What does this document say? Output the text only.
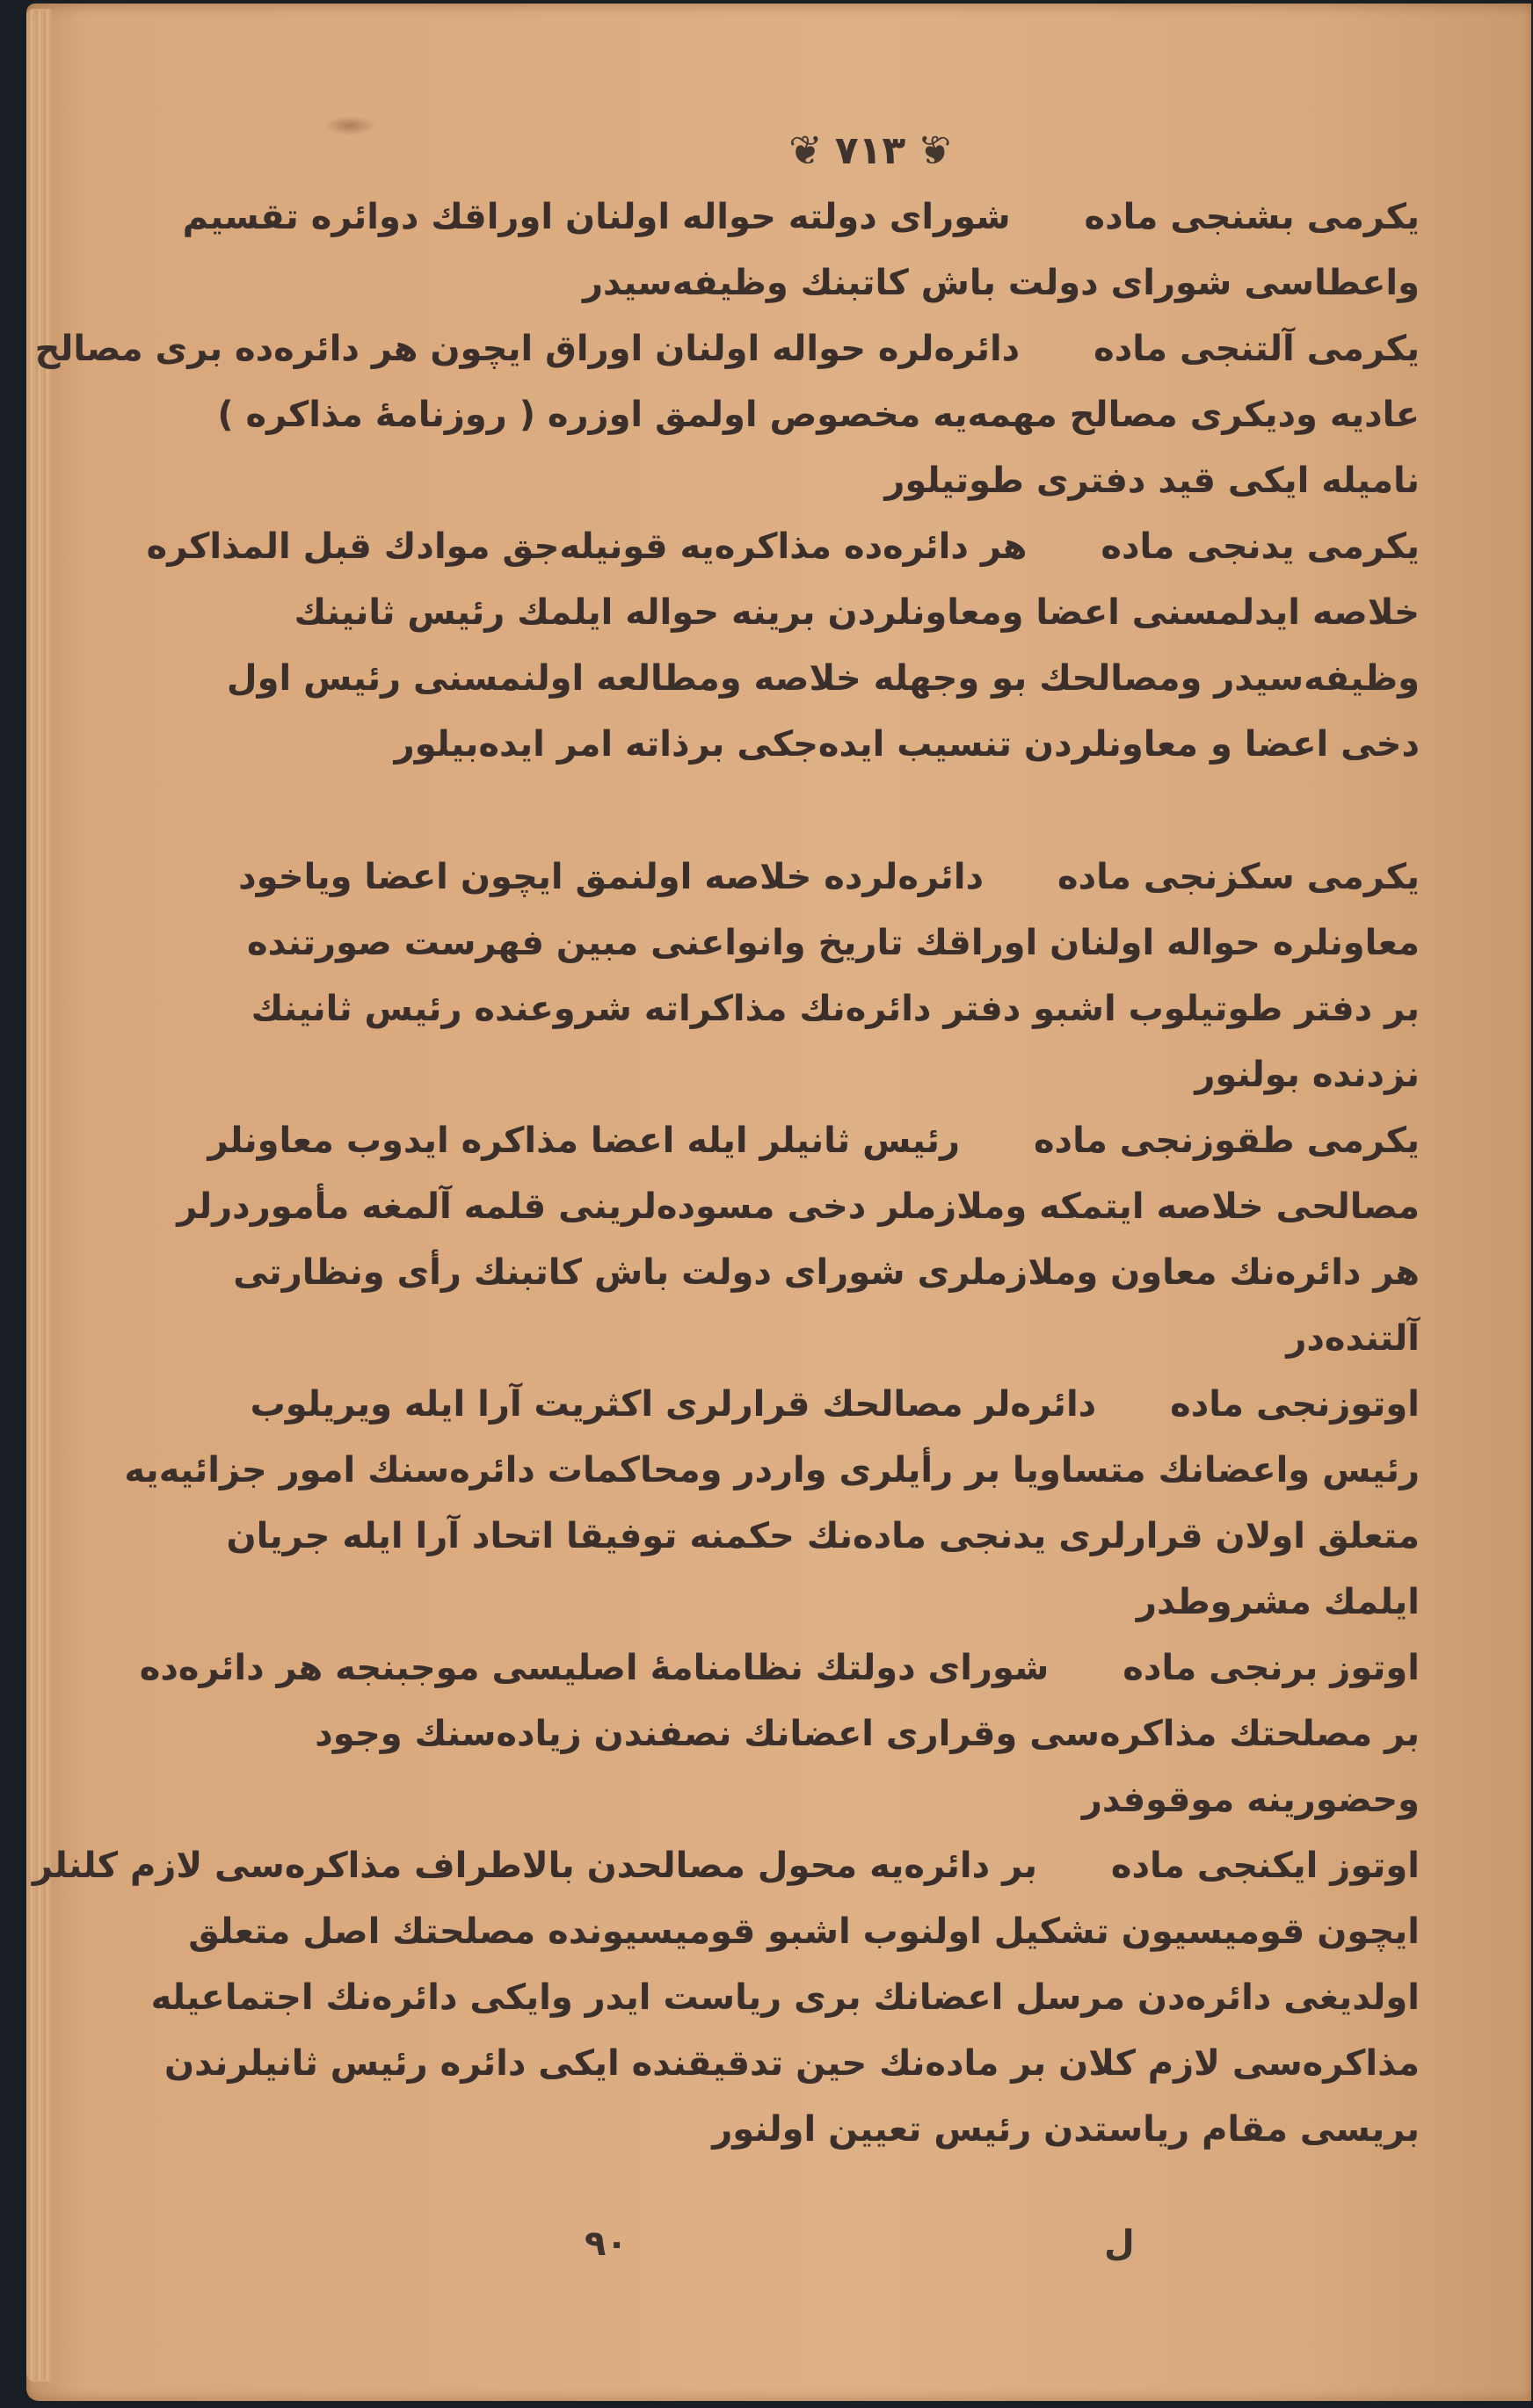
❦ ٧١٣ ❦
یکرمی بشنجی ماده شورای دولته حواله اولنان اوراقك دوائره تقسیم
واعطاسی شورای دولت باش کاتبنك وظیفه‌سیدر
یکرمی آلتنجی ماده دائره‌لره حواله اولنان اوراق ایچون هر دائره‌ده بری مصالح
عادیه ودیکری مصالح مهمه‌یه مخصوص اولمق اوزره ( روزنامهٔ مذاکره )
نامیله ایکی قید دفتری طوتیلور
یکرمی یدنجی ماده هر دائره‌ده مذاکره‌یه قونیله‌جق موادك قبل المذاکره
خلاصه ایدلمسنی اعضا ومعاونلردن برینه حواله ایلمك رئیس ثانینك
وظیفه‌سیدر ومصالحك بو وجهله خلاصه ومطالعه اولنمسنی رئیس اول
دخی اعضا و معاونلردن تنسیب ایده‌جکی برذاته امر ایده‌بیلور
یکرمی سکزنجی ماده دائره‌لرده خلاصه اولنمق ایچون اعضا ویاخود
معاونلره حواله اولنان اوراقك تاریخ وانواعنی مبین فهرست صورتنده
بر دفتر طوتیلوب اشبو دفتر دائره‌نك مذاکراته شروعنده رئیس ثانینك
نزدنده بولنور
یکرمی طقوزنجی ماده رئیس ثانیلر ایله اعضا مذاکره ایدوب معاونلر
مصالحی خلاصه ایتمکه وملازملر دخی مسوده‌لرینی قلمه آلمغه مأموردرلر
هر دائره‌نك معاون وملازملری شورای دولت باش کاتبنك رأی ونظارتی
آلتنده‌در
اوتوزنجی ماده دائره‌لر مصالحك قرارلری اکثریت آرا ایله ویریلوب
رئیس واعضانك متساویا بر رأیلری واردر ومحاکمات دائره‌سنك امور جزائیه‌یه
متعلق اولان قرارلری یدنجی ماده‌نك حکمنه توفیقا اتحاد آرا ایله جریان
ایلمك مشروطدر
اوتوز برنجی ماده شورای دولتك نظامنامهٔ اصلیسی موجبنجه هر دائره‌ده
بر مصلحتك مذاکره‌سی وقراری اعضانك نصفندن زیاده‌سنك وجود
وحضورینه موقوفدر
اوتوز ایکنجی ماده بر دائره‌یه محول مصالحدن بالاطراف مذاکره‌سی لازم کلنلر
ایچون قومیسیون تشکیل اولنوب اشبو قومیسیونده مصلحتك اصل متعلق
اولدیغی دائره‌دن مرسل اعضانك بری ریاست ایدر وایکی دائره‌نك اجتماعیله
مذاکره‌سی لازم کلان بر ماده‌نك حین تدقیقنده ایکی دائره رئیس ثانیلرندن
بریسی مقام ریاستدن رئیس تعیین اولنور
٩٠	ل
